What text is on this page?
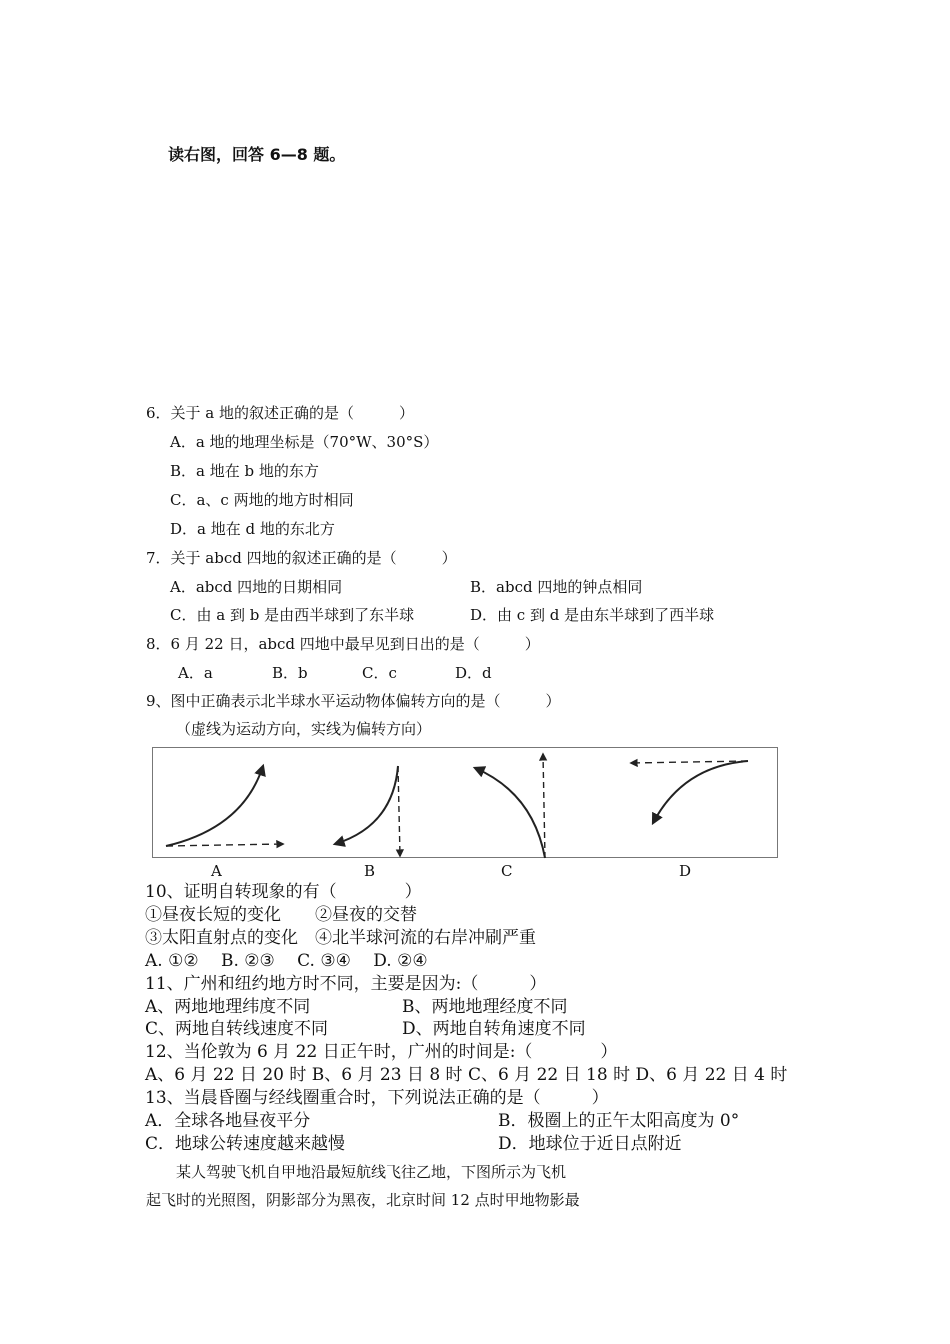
读右图，回答 6—8 题。
6．关于 a 地的叙述正确的是（　　　）
A．a 地的地理坐标是（70°W、30°S）
B．a 地在 b 地的东方
C．a、c 两地的地方时相同
D．a 地在 d 地的东北方
7．关于 abcd 四地的叙述正确的是（　　　）
A．abcd 四地的日期相同	B．abcd 四地的钟点相同
C．由 a 到 b 是由西半球到了东半球	D．由 c 到 d 是由东半球到了西半球
8．6 月 22 日，abcd 四地中最早见到日出的是（　　　）
A．a	B．b	C．c	D．d
9、图中正确表示北半球水平运动物体偏转方向的是（　　　）
（虚线为运动方向，实线为偏转方向）
A	B	C	D
10、证明自转现象的有（　　　　）
①昼夜长短的变化　　②昼夜的交替
③太阳直射点的变化　④北半球河流的右岸冲刷严重
A. ①②　 B. ②③　 C. ③④　 D. ②④
11、广州和纽约地方时不同，主要是因为:（　　　）
A、两地地理纬度不同	B、两地地理经度不同
C、两地自转线速度不同	D、两地自转角速度不同
12、当伦敦为 6 月 22 日正午时，广州的时间是:（　　　　）
A、6 月 22 日 20 时 B、6 月 23 日 8 时 C、6 月 22 日 18 时 D、6 月 22 日 4 时
13、当晨昏圈与经线圈重合时，下列说法正确的是（　　　）
A．全球各地昼夜平分	B．极圈上的正午太阳高度为 0°
C．地球公转速度越来越慢	D．地球位于近日点附近
某人驾驶飞机自甲地沿最短航线飞往乙地，下图所示为飞机
起飞时的光照图，阴影部分为黑夜，北京时间 12 点时甲地物影最
